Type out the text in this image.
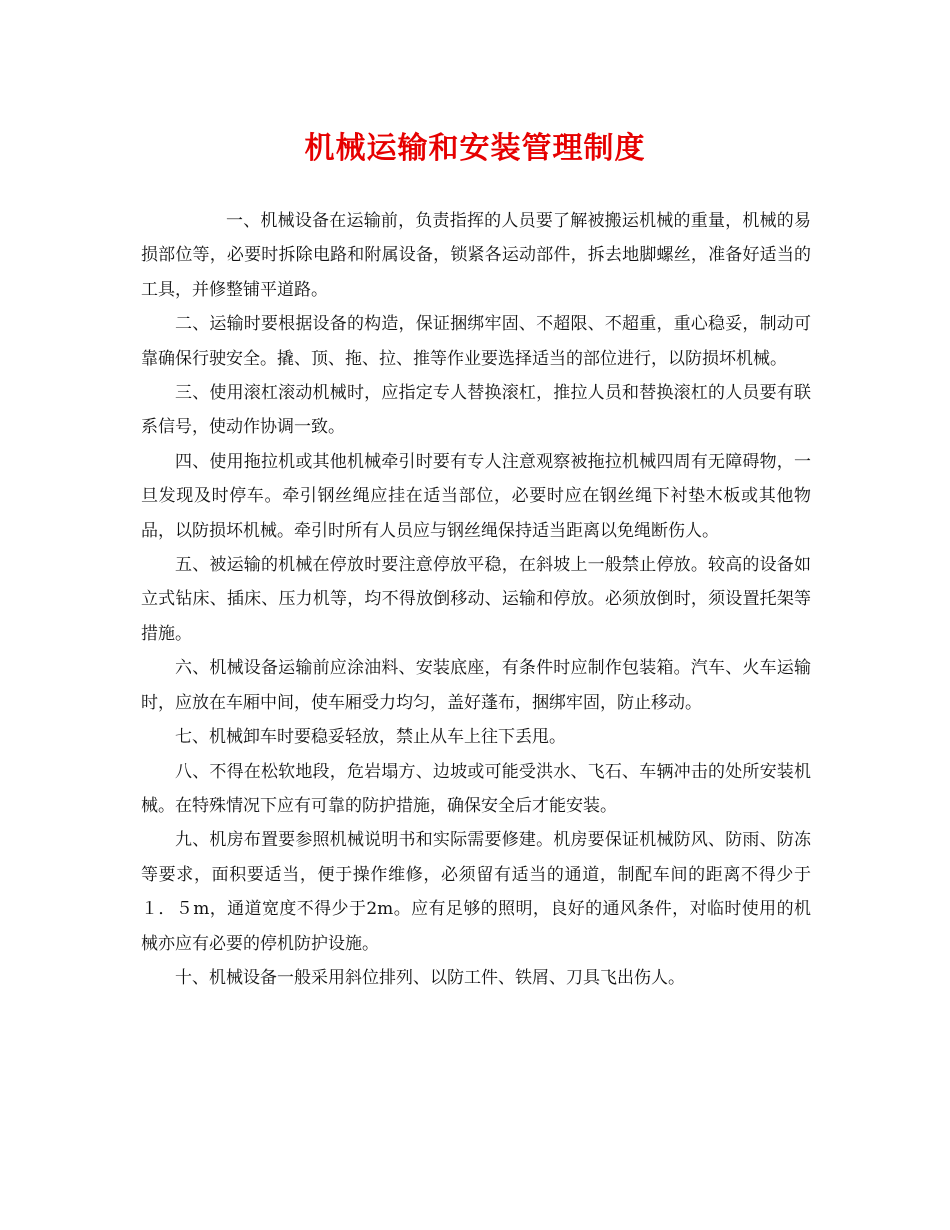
机械运输和安装管理制度

一、机械设备在运输前，负责指挥的人员要了解被搬运机械的重量，机械的易损部位等，必要时拆除电路和附属设备，锁紧各运动部件，拆去地脚螺丝，准备好适当的工具，并修整铺平道路。

二、运输时要根据设备的构造，保证捆绑牢固、不超限、不超重，重心稳妥，制动可靠确保行驶安全。撬、顶、拖、拉、推等作业要选择适当的部位进行，以防损坏机械。

三、使用滚杠滚动机械时，应指定专人替换滚杠，推拉人员和替换滚杠的人员要有联系信号，使动作协调一致。

四、使用拖拉机或其他机械牵引时要有专人注意观察被拖拉机械四周有无障碍物，一旦发现及时停车。牵引钢丝绳应挂在适当部位，必要时应在钢丝绳下衬垫木板或其他物品，以防损坏机械。牵引时所有人员应与钢丝绳保持适当距离以免绳断伤人。

五、被运输的机械在停放时要注意停放平稳，在斜坡上一般禁止停放。较高的设备如立式钻床、插床、压力机等，均不得放倒移动、运输和停放。必须放倒时，须设置托架等措施。

六、机械设备运输前应涂油料、安装底座，有条件时应制作包装箱。汽车、火车运输时，应放在车厢中间，使车厢受力均匀，盖好蓬布，捆绑牢固，防止移动。

七、机械卸车时要稳妥轻放，禁止从车上往下丢甩。

八、不得在松软地段，危岩塌方、边坡或可能受洪水、飞石、车辆冲击的处所安装机械。在特殊情况下应有可靠的防护措施，确保安全后才能安装。

九、机房布置要参照机械说明书和实际需要修建。机房要保证机械防风、防雨、防冻等要求，面积要适当，便于操作维修，必须留有适当的通道，制配车间的距离不得少于１．５m，通道宽度不得少于2m。应有足够的照明，良好的通风条件，对临时使用的机械亦应有必要的停机防护设施。

十、机械设备一般采用斜位排列、以防工件、铁屑、刀具飞出伤人。
